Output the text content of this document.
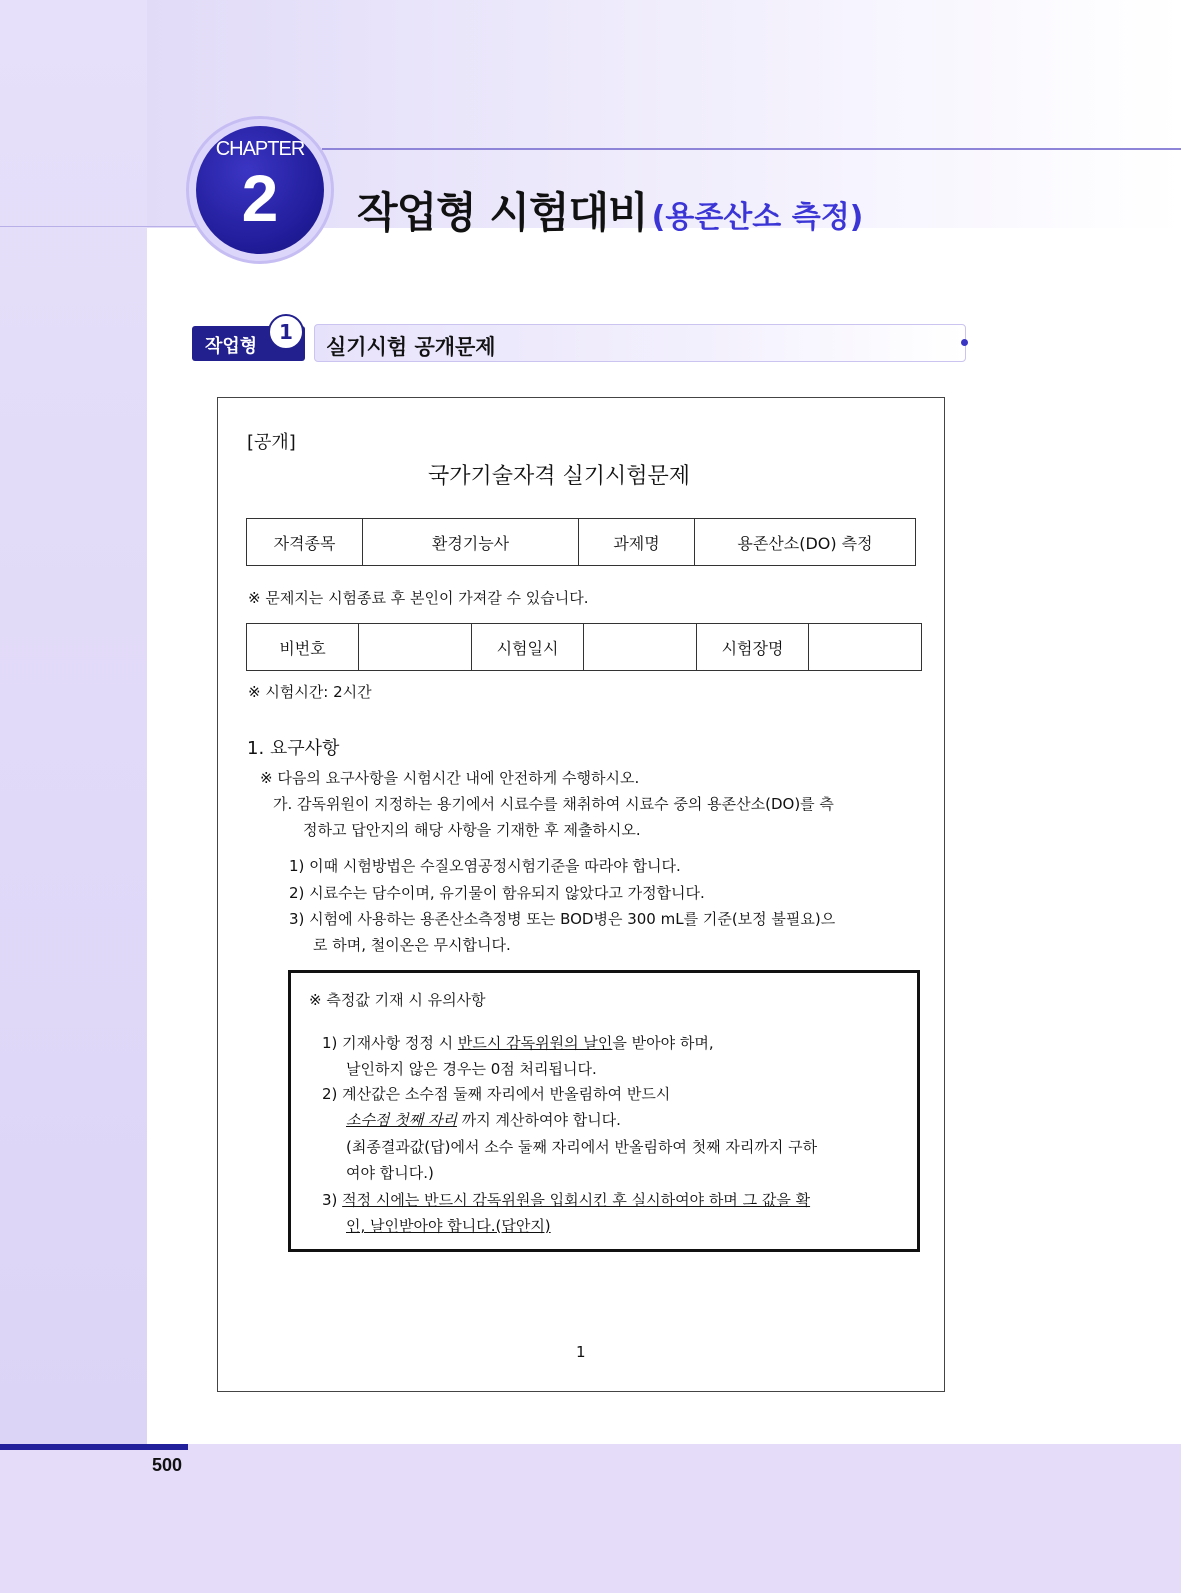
CHAPTER
2	작업형 시험대비 (용존산소 측정)
작업형
1
실기시험 공개문제
[공개]
국가기술자격 실기시험문제
자격종목	환경기능사	과제명	용존산소(DO) 측정
※ 문제지는 시험종료 후 본인이 가져갈 수 있습니다.
비번호		시험일시		시험장명	
※ 시험시간: 2시간
1. 요구사항
※ 다음의 요구사항을 시험시간 내에 안전하게 수행하시오.
가. 감독위원이 지정하는 용기에서 시료수를 채취하여 시료수 중의 용존산소(DO)를 측
정하고 답안지의 해당 사항을 기재한 후 제출하시오.
1) 이때 시험방법은 수질오염공정시험기준을 따라야 합니다.
2) 시료수는 담수이며, 유기물이 함유되지 않았다고 가정합니다.
3) 시험에 사용하는 용존산소측정병 또는 BOD병은 300 mL를 기준(보정 불필요)으
로 하며, 철이온은 무시합니다.
※ 측정값 기재 시 유의사항
1) 기재사항 정정 시 반드시 감독위원의 날인을 받아야 하며,
날인하지 않은 경우는 0점 처리됩니다.
2) 계산값은 소수점 둘째 자리에서 반올림하여 반드시
소수점 첫째 자리 까지 계산하여야 합니다.
(최종결과값(답)에서 소수 둘째 자리에서 반올림하여 첫째 자리까지 구하
여야 합니다.)
3) 적정 시에는 반드시 감독위원을 입회시킨 후 실시하여야 하며 그 값을 확
인, 날인받아야 합니다.(답안지)
1
500
